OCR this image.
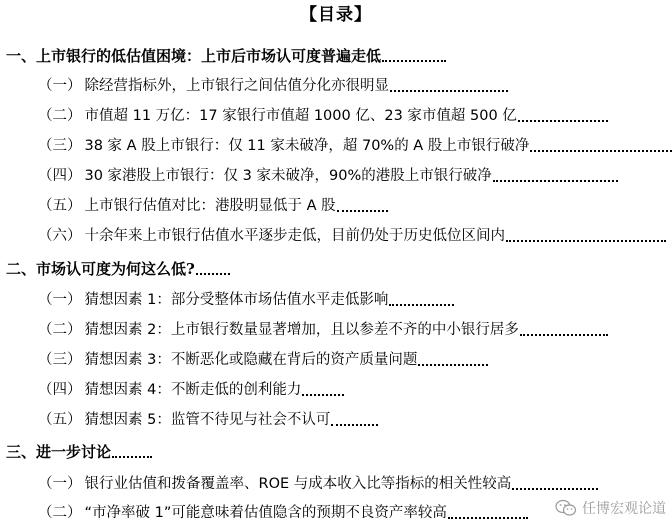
【目录】
一、上市银行的低估值困境：上市后市场认可度普遍走低
（一） 除经营指标外，上市银行之间估值分化亦很明显
（二） 市值超 11 万亿：17 家银行市值超 1000 亿、23 家市值超 500 亿
（三） 38 家 A 股上市银行：仅 11 家未破净，超 70%的 A 股上市银行破净
（四） 30 家港股上市银行：仅 3 家未破净，90%的港股上市银行破净
（五） 上市银行估值对比：港股明显低于 A 股
（六） 十余年来上市银行估值水平逐步走低，目前仍处于历史低位区间内
二、市场认可度为何这么低?
（一） 猜想因素 1：部分受整体市场估值水平走低影响
（二） 猜想因素 2：上市银行数量显著增加，且以参差不齐的中小银行居多
（三） 猜想因素 3：不断恶化或隐藏在背后的资产质量问题
（四） 猜想因素 4：不断走低的创利能力
（五） 猜想因素 5：监管不待见与社会不认可
三、进一步讨论
（一） 银行业估值和拨备覆盖率、ROE 与成本收入比等指标的相关性较高
（二） “市净率破 1”可能意味着估值隐含的预期不良资产率较高	任博宏观论道
